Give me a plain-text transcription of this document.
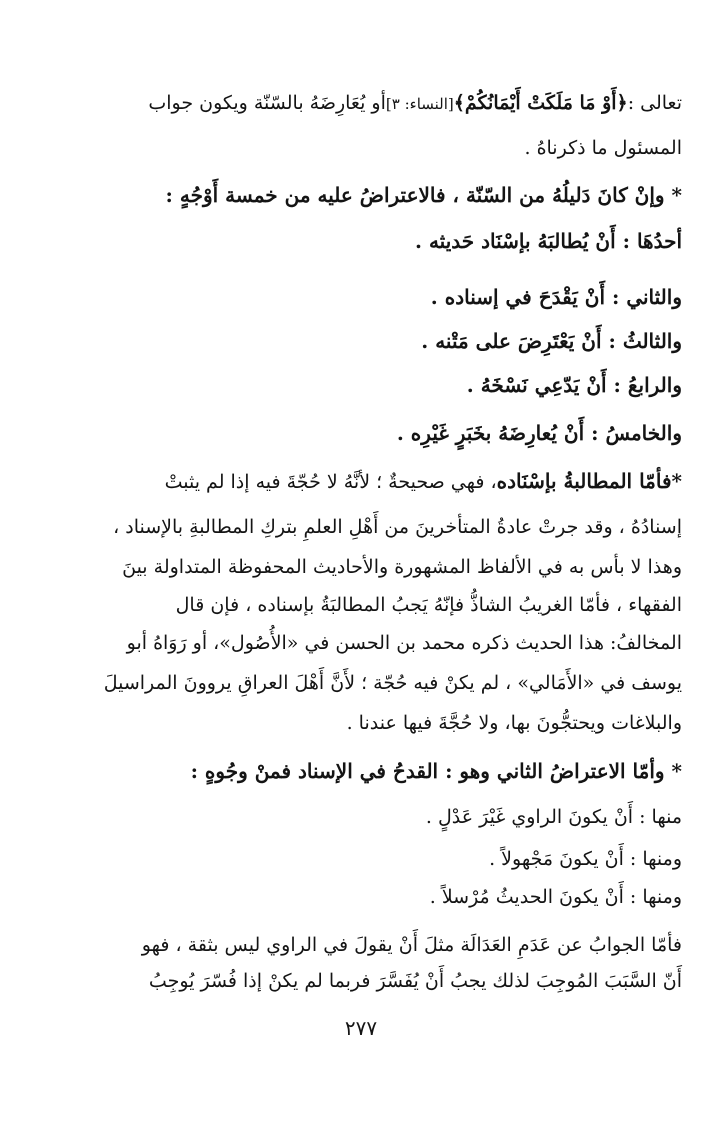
تعالى :﴿أَوْ مَا مَلَكَتْ أَيْمَانُكُمْ﴾[النساء: ٣]أو يُعَارِضَهُ بالسّنّة ويكون جواب
المسئول ما ذكرناهُ .
* وإنْ كانَ دَليلُهُ من السّنّة ، فالاعتراضُ عليه من خمسة أَوْجُهٍ :
أحدُهَا : أَنْ يُطالبَهُ بإسْنَاد حَديثه .
والثاني : أَنْ يَقْدَحَ في إسناده .
والثالثُ : أَنْ يَعْتَرِضَ على مَتْنه .
والرابعُ : أَنْ يَدّعِي نَسْخَهُ .
والخامسُ : أَنْ يُعارِضَهُ بخَبَرٍ غَيْرِه .
*فأمّا المطالبةُ بإسْنَاده، فهي صحيحةٌ ؛ لأنَّهُ لا حُجّةَ فيه إذا لم يثبتْ
إسنادُهُ ، وقد جرتْ عادةُ المتأخرينَ من أَهْلِ العلمِ بتركِ المطالبةِ بالإسناد ،
وهذا لا بأس به في الألفاظ المشهورة والأحاديث المحفوظة المتداولة بينَ
الفقهاء ، فأمّا الغريبُ الشاذُّ فإنّهُ يَجبُ المطالبَةُ بإسناده ، فإن قال
المخالفُ: هذا الحديث ذكره محمد بن الحسن في «الأُصُول»، أو رَوَاهُ أبو
يوسف في «الأَمَالي» ، لم يكنْ فيه حُجّة ؛ لأَنَّ أَهْلَ العراقِ يروونَ المراسيلَ
والبلاغات ويحتجُّونَ بها، ولا حُجَّةَ فيها عندنا .
* وأمّا الاعتراضُ الثاني وهو : القدحُ في الإسناد فمنْ وجُوهٍ :
منها : أَنْ يكونَ الراوي غَيْرَ عَدْلٍ .
ومنها : أَنْ يكونَ مَجْهولاً .
ومنها : أَنْ يكونَ الحديثُ مُرْسلاً .
فأمّا الجوابُ عن عَدَمِ العَدَالَة مثلَ أَنْ يقولَ في الراوي ليس بثقة ، فهو
أَنّ السَّبَبَ المُوجِبَ لذلك يجبُ أَنْ يُفَسَّرَ فربما لم يكنْ إذا فُسّرَ يُوجِبُ
٢٧٧
